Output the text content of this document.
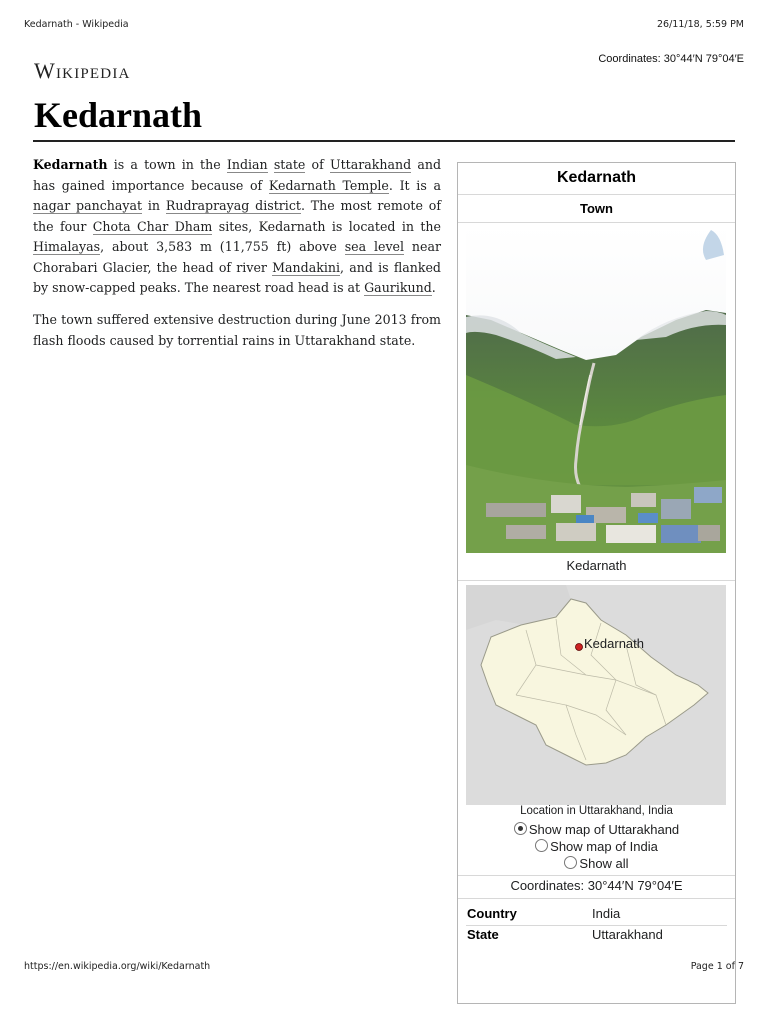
Kedarnath - Wikipedia	26/11/18, 5:59 PM
Coordinates: 30°44′N 79°04′E
Wikipedia
Kedarnath
Kedarnath is a town in the Indian state of Uttarakhand and has gained importance because of Kedarnath Temple. It is a nagar panchayat in Rudraprayag district. The most remote of the four Chota Char Dham sites, Kedarnath is located in the Himalayas, about 3,583 m (11,755 ft) above sea level near Chorabari Glacier, the head of river Mandakini, and is flanked by snow-capped peaks. The nearest road head is at Gaurikund.
The town suffered extensive destruction during June 2013 from flash floods caused by torrential rains in Uttarakhand state.
Kedarnath
Town
Kedarnath
Kedarnath
Location in Uttarakhand, India
Show map of Uttarakhand
Show map of India
Show all
Coordinates: 30°44′N 79°04′E
Country	India
State	Uttarakhand
https://en.wikipedia.org/wiki/Kedarnath	Page 1 of 7
